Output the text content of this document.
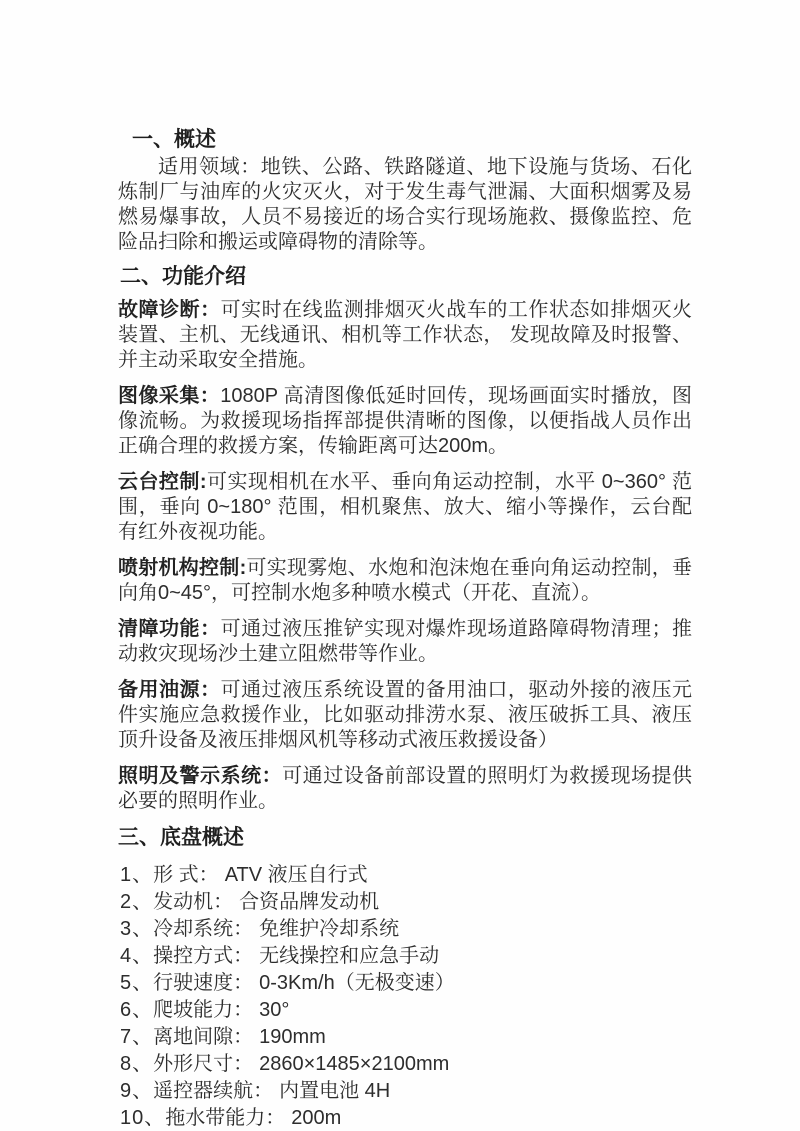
一、概述

适用领域：地铁、公路、铁路隧道、地下设施与货场、石化炼制厂与油库的火灾灭火，对于发生毒气泄漏、大面积烟雾及易燃易爆事故，人员不易接近的场合实行现场施救、摄像监控、危险品扫除和搬运或障碍物的清除等。

二、功能介绍

故障诊断：可实时在线监测排烟灭火战车的工作状态如排烟灭火装置、主机、无线通讯、相机等工作状态， 发现故障及时报警、并主动采取安全措施。

图像采集：1080P 高清图像低延时回传，现场画面实时播放，图像流畅。为救援现场指挥部提供清晰的图像，以便指战人员作出正确合理的救援方案，传输距离可达200m。

云台控制:可实现相机在水平、垂向角运动控制，水平 0~360° 范围，垂向 0~180° 范围，相机聚焦、放大、缩小等操作，云台配有红外夜视功能。

喷射机构控制:可实现雾炮、水炮和泡沫炮在垂向角运动控制，垂向角0~45°，可控制水炮多种喷水模式（开花、直流）。

清障功能：可通过液压推铲实现对爆炸现场道路障碍物清理；推动救灾现场沙土建立阻燃带等作业。

备用油源：可通过液压系统设置的备用油口，驱动外接的液压元件实施应急救援作业，比如驱动排涝水泵、液压破拆工具、液压顶升设备及液压排烟风机等移动式液压救援设备）

照明及警示系统：可通过设备前部设置的照明灯为救援现场提供必要的照明作业。

三、底盘概述
1、形 式： ATV 液压自行式
2、发动机： 合资品牌发动机
3、冷却系统： 免维护冷却系统
4、操控方式： 无线操控和应急手动
5、行驶速度： 0-3Km/h（无极变速）
6、爬坡能力： 30°
7、离地间隙： 190mm
8、外形尺寸： 2860×1485×2100mm
9、遥控器续航： 内置电池 4H
10、拖水带能力： 200m
